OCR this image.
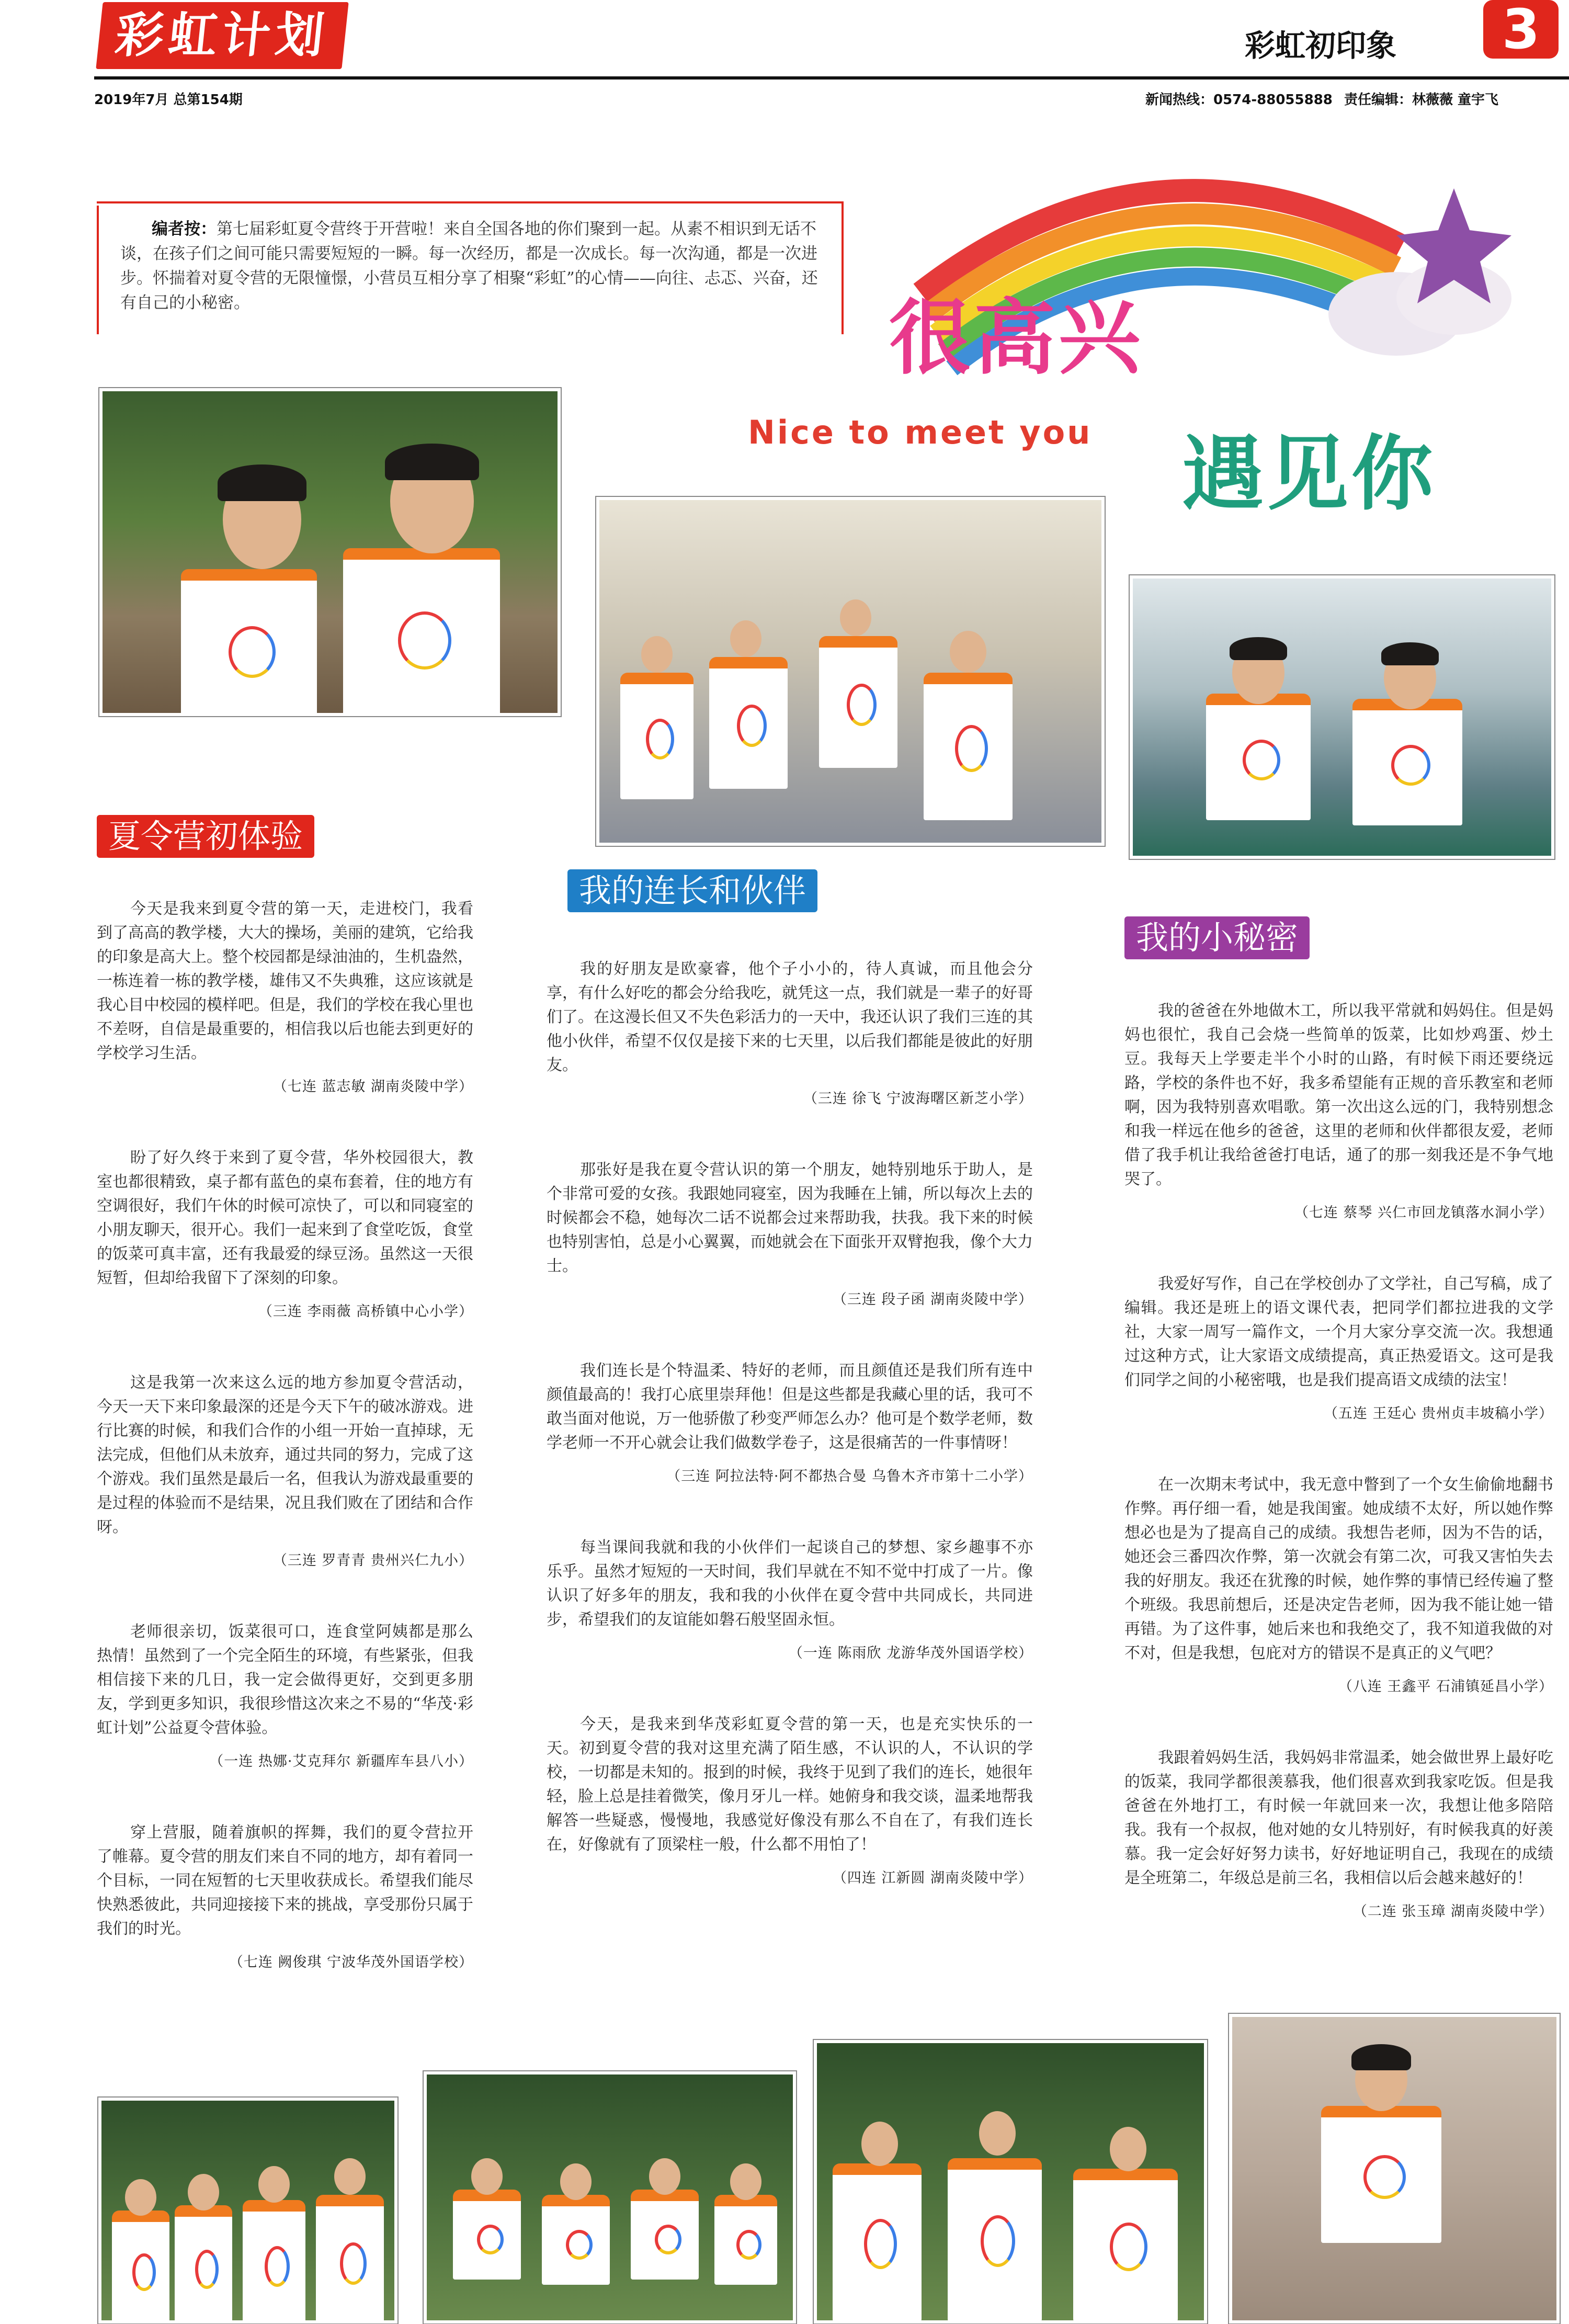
彩虹计划	彩虹初印象	3
2019年7月 总第154期	新闻热线：0574-88055888 责任编辑：林薇薇 童宇飞
编者按：第七届彩虹夏令营终于开营啦！来自全国各地的你们聚到一起。从素不相识到无话不谈，在孩子们之间可能只需要短短的一瞬。每一次经历，都是一次成长。每一次沟通，都是一次进步。怀揣着对夏令营的无限憧憬，小营员互相分享了相聚“彩虹”的心情——向往、忐忑、兴奋，还有自己的小秘密。	很高兴
Nice to meet you 遇见你
夏令营初体验

今天是我来到夏令营的第一天，走进校门，我看到了高高的教学楼，大大的操场，美丽的建筑，它给我的印象是高大上。整个校园都是绿油油的，生机盎然，一栋连着一栋的教学楼，雄伟又不失典雅，这应该就是我心目中校园的模样吧。但是，我们的学校在我心里也不差呀，自信是最重要的，相信我以后也能去到更好的学校学习生活。

（七连 蓝志敏 湖南炎陵中学）

盼了好久终于来到了夏令营，华外校园很大，教室也都很精致，桌子都有蓝色的桌布套着，住的地方有空调很好，我们午休的时候可凉快了，可以和同寝室的小朋友聊天，很开心。我们一起来到了食堂吃饭，食堂的饭菜可真丰富，还有我最爱的绿豆汤。虽然这一天很短暂，但却给我留下了深刻的印象。

（三连 李雨薇 高桥镇中心小学）

这是我第一次来这么远的地方参加夏令营活动，今天一天下来印象最深的还是今天下午的破冰游戏。进行比赛的时候，和我们合作的小组一开始一直掉球，无法完成，但他们从未放弃，通过共同的努力，完成了这个游戏。我们虽然是最后一名，但我认为游戏最重要的是过程的体验而不是结果，况且我们败在了团结和合作呀。

（三连 罗青青 贵州兴仁九小）

老师很亲切，饭菜很可口，连食堂阿姨都是那么热情！虽然到了一个完全陌生的环境，有些紧张，但我相信接下来的几日，我一定会做得更好，交到更多朋友，学到更多知识，我很珍惜这次来之不易的“华茂·彩虹计划”公益夏令营体验。

（一连 热娜·艾克拜尔 新疆库车县八小）

穿上营服，随着旗帜的挥舞，我们的夏令营拉开了帷幕。夏令营的朋友们来自不同的地方，却有着同一个目标，一同在短暂的七天里收获成长。希望我们能尽快熟悉彼此，共同迎接接下来的挑战，享受那份只属于我们的时光。

（七连 阙俊琪 宁波华茂外国语学校）

我的连长和伙伴

我的好朋友是欧豪睿，他个子小小的，待人真诚，而且他会分享，有什么好吃的都会分给我吃，就凭这一点，我们就是一辈子的好哥们了。在这漫长但又不失色彩活力的一天中，我还认识了我们三连的其他小伙伴，希望不仅仅是接下来的七天里，以后我们都能是彼此的好朋友。

（三连 徐飞 宁波海曙区新芝小学）

那张好是我在夏令营认识的第一个朋友，她特别地乐于助人，是个非常可爱的女孩。我跟她同寝室，因为我睡在上铺，所以每次上去的时候都会不稳，她每次二话不说都会过来帮助我，扶我。我下来的时候也特别害怕，总是小心翼翼，而她就会在下面张开双臂抱我，像个大力士。

（三连 段子函 湖南炎陵中学）

我们连长是个特温柔、特好的老师，而且颜值还是我们所有连中颜值最高的！我打心底里崇拜他！但是这些都是我藏心里的话，我可不敢当面对他说，万一他骄傲了秒变严师怎么办？他可是个数学老师，数学老师一不开心就会让我们做数学卷子，这是很痛苦的一件事情呀！

（三连 阿拉法特·阿不都热合曼 乌鲁木齐市第十二小学）

每当课间我就和我的小伙伴们一起谈自己的梦想、家乡趣事不亦乐乎。虽然才短短的一天时间，我们早就在不知不觉中打成了一片。像认识了好多年的朋友，我和我的小伙伴在夏令营中共同成长，共同进步，希望我们的友谊能如磐石般坚固永恒。

（一连 陈雨欣 龙游华茂外国语学校）

今天，是我来到华茂彩虹夏令营的第一天，也是充实快乐的一天。初到夏令营的我对这里充满了陌生感，不认识的人，不认识的学校，一切都是未知的。报到的时候，我终于见到了我们的连长，她很年轻，脸上总是挂着微笑，像月牙儿一样。她俯身和我交谈，温柔地帮我解答一些疑惑，慢慢地，我感觉好像没有那么不自在了，有我们连长在，好像就有了顶梁柱一般，什么都不用怕了！

（四连 江新圆 湖南炎陵中学）

我的小秘密

我的爸爸在外地做木工，所以我平常就和妈妈住。但是妈妈也很忙，我自己会烧一些简单的饭菜，比如炒鸡蛋、炒土豆。我每天上学要走半个小时的山路，有时候下雨还要绕远路，学校的条件也不好，我多希望能有正规的音乐教室和老师啊，因为我特别喜欢唱歌。第一次出这么远的门，我特别想念和我一样远在他乡的爸爸，这里的老师和伙伴都很友爱，老师借了我手机让我给爸爸打电话，通了的那一刻我还是不争气地哭了。

（七连 蔡琴 兴仁市回龙镇落水洞小学）

我爱好写作，自己在学校创办了文学社，自己写稿，成了编辑。我还是班上的语文课代表，把同学们都拉进我的文学社，大家一周写一篇作文，一个月大家分享交流一次。我想通过这种方式，让大家语文成绩提高，真正热爱语文。这可是我们同学之间的小秘密哦，也是我们提高语文成绩的法宝！

（五连 王廷心 贵州贞丰坡稿小学）

在一次期末考试中，我无意中瞥到了一个女生偷偷地翻书作弊。再仔细一看，她是我闺蜜。她成绩不太好，所以她作弊想必也是为了提高自己的成绩。我想告老师，因为不告的话，她还会三番四次作弊，第一次就会有第二次，可我又害怕失去我的好朋友。我还在犹豫的时候，她作弊的事情已经传遍了整个班级。我思前想后，还是决定告老师，因为我不能让她一错再错。为了这件事，她后来也和我绝交了，我不知道我做的对不对，但是我想，包庇对方的错误不是真正的义气吧？

（八连 王鑫平 石浦镇延昌小学）

我跟着妈妈生活，我妈妈非常温柔，她会做世界上最好吃的饭菜，我同学都很羡慕我，他们很喜欢到我家吃饭。但是我爸爸在外地打工，有时候一年就回来一次，我想让他多陪陪我。我有一个叔叔，他对她的女儿特别好，有时候我真的好羡慕。我一定会好好努力读书，好好地证明自己，我现在的成绩是全班第二，年级总是前三名，我相信以后会越来越好的！

（二连 张玉璋 湖南炎陵中学）
